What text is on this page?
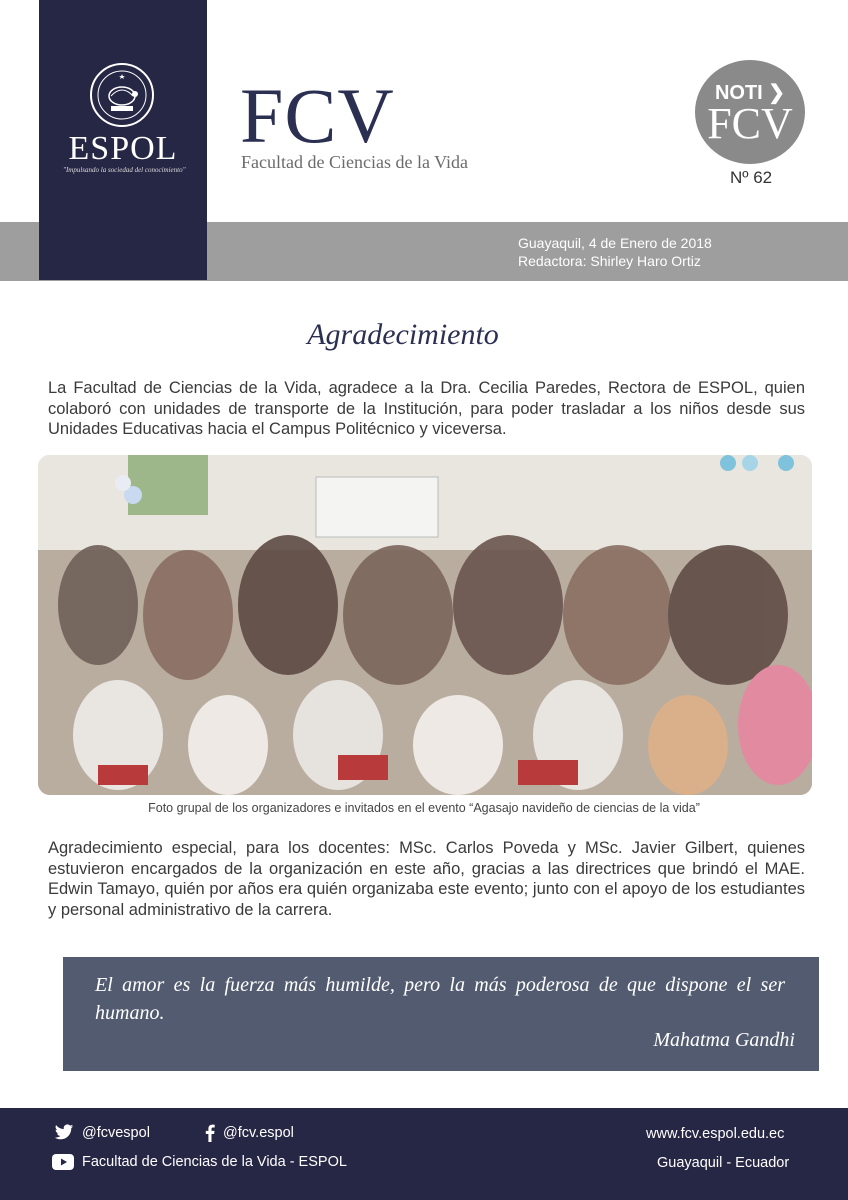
Guayaquil, 4 de Enero de 2018
Redactora: Shirley Haro Ortiz
ESPOL
"Impulsando la sociedad del conocimiento"
FCV
Facultad de Ciencias de la Vida
NOTI ❯
FCV
Nº 62
Agradecimiento
La Facultad de Ciencias de la Vida, agradece a la Dra. Cecilia Paredes, Rectora de ESPOL, quien colaboró con unidades de transporte de la Institución, para poder trasladar a los niños desde sus Unidades Educativas hacia el Campus Politécnico y viceversa.
Foto grupal de los organizadores e invitados en el evento “Agasajo navideño de ciencias de la vida”
Agradecimiento especial, para los docentes: MSc. Carlos Poveda y MSc. Javier Gilbert, quienes estuvieron encargados de la organización en este año, gracias a las directrices que brindó el MAE. Edwin Tamayo, quién por años era quién organizaba este evento; junto con el apoyo de los estudiantes y personal administrativo de la carrera.
El amor es la fuerza más humilde, pero la más poderosa de que dispone el ser humano.
Mahatma Gandhi
@fcvespol	@fcv.espol
Facultad de Ciencias de la Vida - ESPOL
www.fcv.espol.edu.ec
Guayaquil - Ecuador
